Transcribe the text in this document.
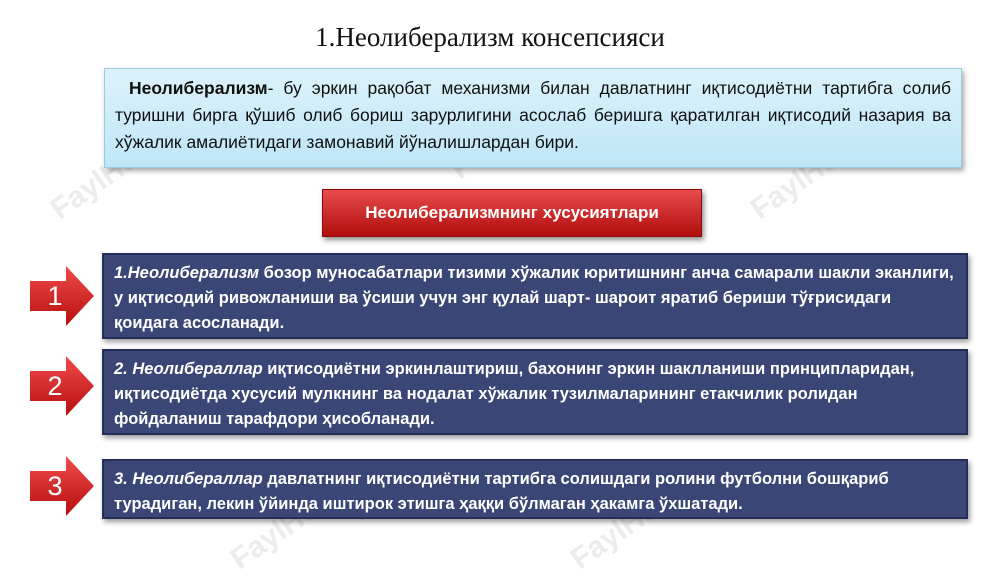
1.Неолиберализм консепсияси
Неолиберализм- бу эркин рақобат механизми билан давлатнинг иқтисодиётни тартибга солиб туришни бирга қўшиб олиб бориш зарурлигини асослаб беришга қаратилган иқтисодий назария ва хўжалик амалиётидаги замонавий йўналишлардан бири.
Неолиберализмнинг хусусиятлари
1
1.Неолиберализм бозор муносабатлари тизими хўжалик юритишнинг анча самарали шакли эканлиги, у иқтисодий ривожланиши ва ўсиши учун энг қулай шарт- шароит яратиб бериши тўғрисидаги қоидага асосланади.
2
2. Неолибераллар иқтисодиётни эркинлаштириш, бахонинг эркин шаклланиши принципларидан, иқтисодиётда хусусий мулкнинг ва нодалат хўжалик тузилмаларининг етакчилик ролидан фойдаланиш тарафдори ҳисобланади.
3	3. Неолибераллар давлатнинг иқтисодиётни тартибга солишдаги ролини футболни бошқариб турадиган, лекин ўйинда иштирок этишга ҳаққи бўлмаган ҳакамга ўхшатади.
